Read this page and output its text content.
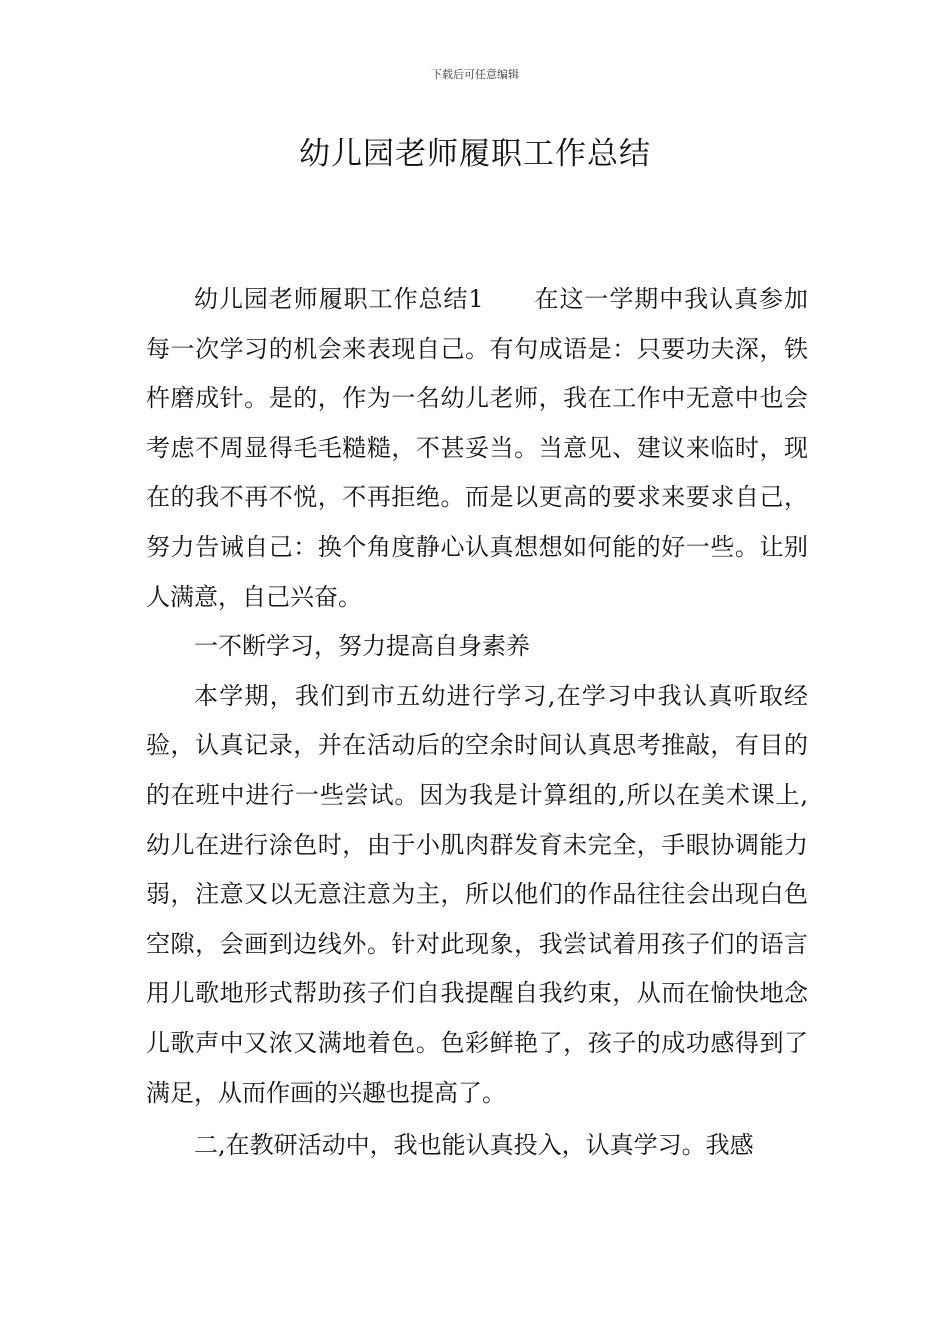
下载后可任意编辑
幼儿园老师履职工作总结

幼儿园老师履职工作总结1　　在这一学期中我认真参加每一次学习的机会来表现自己。有句成语是：只要功夫深，铁杵磨成针。是的，作为一名幼儿老师，我在工作中无意中也会考虑不周显得毛毛糙糙，不甚妥当。当意见、建议来临时，现在的我不再不悦，不再拒绝。而是以更高的要求来要求自己，努力告诫自己：换个角度静心认真想想如何能的好一些。让别人满意，自己兴奋。

一不断学习，努力提高自身素养

本学期，我们到市五幼进行学习,在学习中我认真听取经验，认真记录，并在活动后的空余时间认真思考推敲，有目的的在班中进行一些尝试。因为我是计算组的,所以在美术课上,幼儿在进行涂色时，由于小肌肉群发育未完全，手眼协调能力弱，注意又以无意注意为主，所以他们的作品往往会出现白色空隙，会画到边线外。针对此现象，我尝试着用孩子们的语言用儿歌地形式帮助孩子们自我提醒自我约束，从而在愉快地念儿歌声中又浓又满地着色。色彩鲜艳了，孩子的成功感得到了满足，从而作画的兴趣也提高了。

二,在教研活动中，我也能认真投入，认真学习。我感
